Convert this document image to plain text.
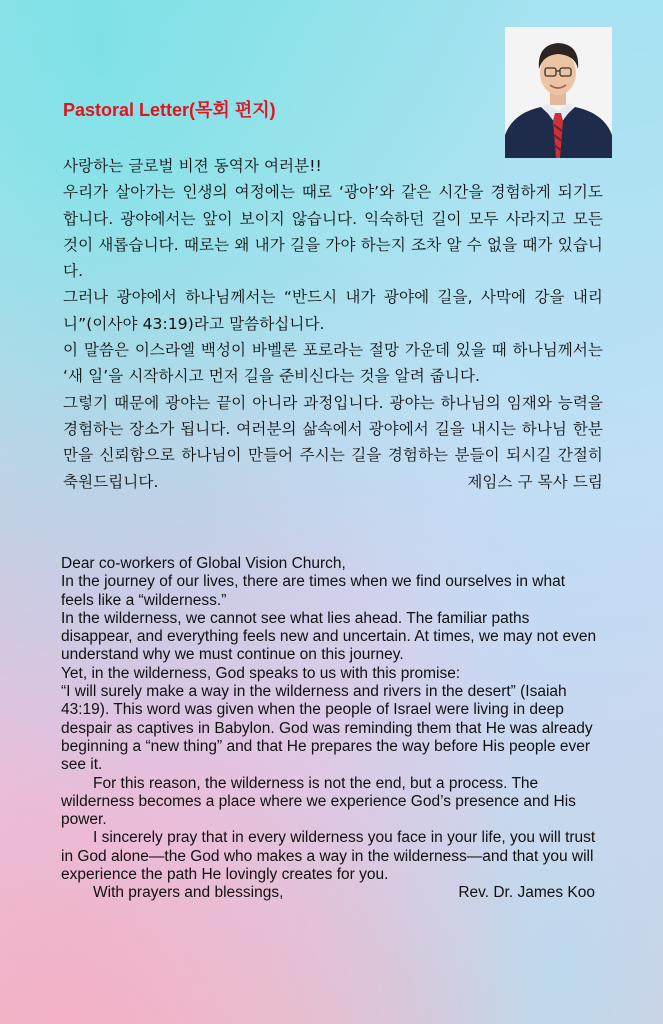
Pastoral Letter(목회 편지)

사랑하는 글로벌 비젼 동역자 여러분!!

우리가 살아가는 인생의 여정에는 때로 ‘광야’와 같은 시간을 경험하게 되기도 합니다. 광야에서는 앞이 보이지 않습니다. 익숙하던 길이 모두 사라지고 모든 것이 새롭습니다. 때로는 왜 내가 길을 가야 하는지 조차 알 수 없을 때가 있습니다.

그러나 광야에서 하나님께서는 “반드시 내가 광야에 길을, 사막에 강을 내리니”(이사야 43:19)라고 말씀하십니다.

이 말씀은 이스라엘 백성이 바벨론 포로라는 절망 가운데 있을 때 하나님께서는 ‘새 일’을 시작하시고 먼저 길을 준비신다는 것을 알려 줍니다.

그렇기 때문에 광야는 끝이 아니라 과정입니다. 광야는 하나님의 임재와 능력을 경험하는 장소가 됩니다. 여러분의 삶속에서 광야에서 길을 내시는 하나님 한분만을 신뢰함으로 하나님이 만들어 주시는 길을 경험하는 분들이 되시길 간절히 축원드립니다.	제임스 구 목사 드림

Dear co-workers of Global Vision Church,

In the journey of our lives, there are times when we find ourselves in what feels like a “wilderness.”

In the wilderness, we cannot see what lies ahead. The familiar paths disappear, and everything feels new and uncertain. At times, we may not even understand why we must continue on this journey.

Yet, in the wilderness, God speaks to us with this promise:

“I will surely make a way in the wilderness and rivers in the desert” (Isaiah 43:19). This word was given when the people of Israel were living in deep despair as captives in Babylon. God was reminding them that He was already beginning a “new thing” and that He prepares the way before His people ever see it.

For this reason, the wilderness is not the end, but a process. The wilderness becomes a place where we experience God’s presence and His power.

I sincerely pray that in every wilderness you face in your life, you will trust in God alone—the God who makes a way in the wilderness—and that you will experience the path He lovingly creates for you.

With prayers and blessings,	Rev. Dr. James Koo
